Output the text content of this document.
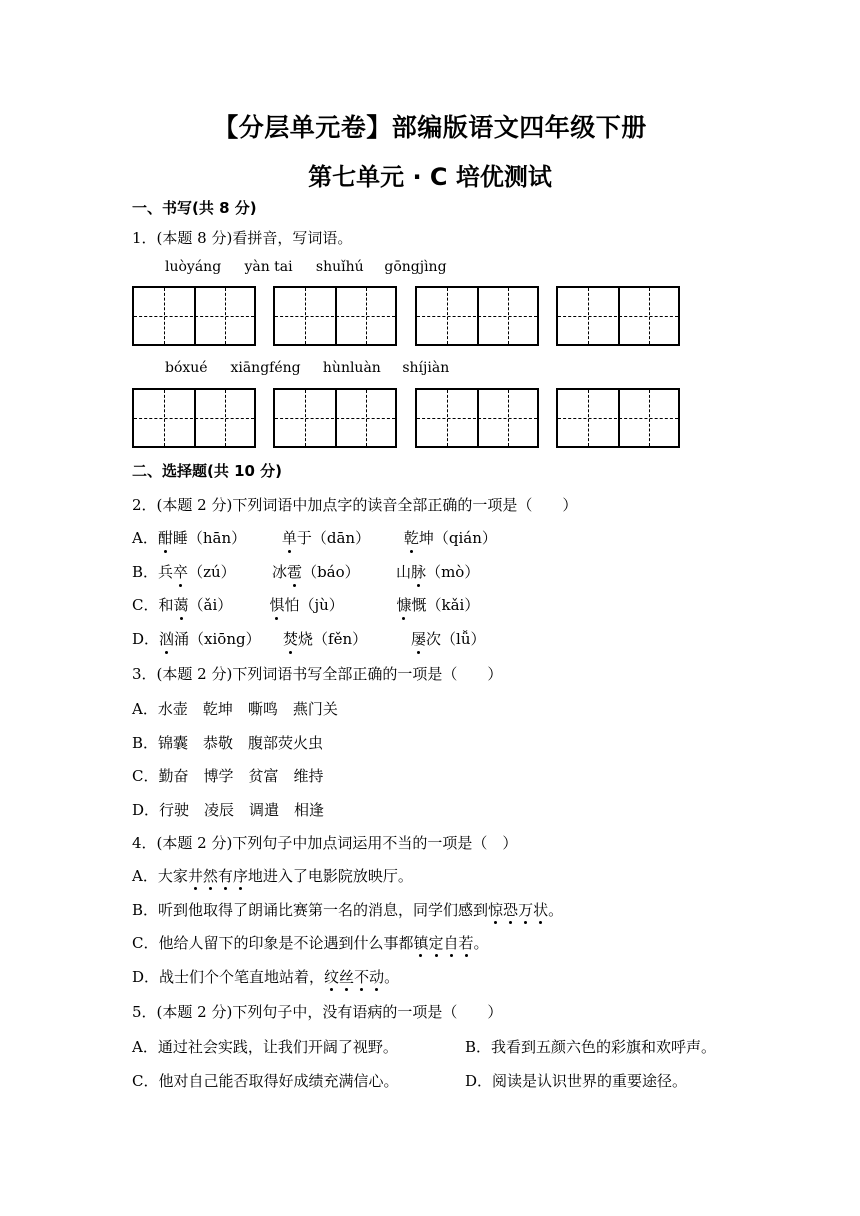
【分层单元卷】部编版语文四年级下册
第七单元 · C 培优测试
一、书写(共 8 分)
1．(本题 8 分)看拼音，写词语。
luòyáng yàn tai shuǐhú gōngjìng
bóxué xiāngféng hùnluàn shíjiàn
二、选择题(共 10 分)
2．(本题 2 分)下列词语中加点字的读音全部正确的一项是（　　）
A．酣睡（hān） 单于（dān） 乾坤（qián）
B．兵卒（zú） 冰雹（báo） 山脉（mò）
C．和蔼（ǎi） 惧怕（jù）	慷慨（kǎi）
D．汹涌（xiōng） 焚烧（fěn）	屡次（lǚ）
3．(本题 2 分)下列词语书写全部正确的一项是（　　）
A．水壶　乾坤　嘶鸣　燕门关
B．锦囊　恭敬　腹部荧火虫
C．勤奋　博学　贫富　维持
D．行驶　凌辰　调遣　相逢
4．(本题 2 分)下列句子中加点词运用不当的一项是（　）
A．大家井然有序地进入了电影院放映厅。
B．听到他取得了朗诵比赛第一名的消息，同学们感到惊恐万状。
C．他给人留下的印象是不论遇到什么事都镇定自若。
D．战士们个个笔直地站着，纹丝不动。
5．(本题 2 分)下列句子中，没有语病的一项是（　　）
A．通过社会实践，让我们开阔了视野。	B．我看到五颜六色的彩旗和欢呼声。
C．他对自己能否取得好成绩充满信心。	D．阅读是认识世界的重要途径。
